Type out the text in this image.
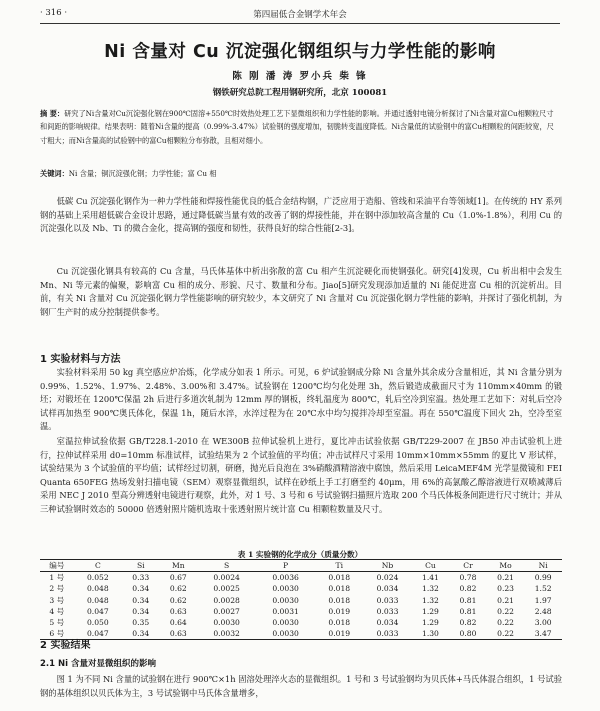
· 316 ·	第四届低合金钢学术年会
Ni 含量对 Cu 沉淀强化钢组织与力学性能的影响
陈 刚 潘 涛 罗小兵 柴 锋
钢铁研究总院工程用钢研究所，北京 100081
摘 要：研究了Ni含量对Cu沉淀强化钢在900℃固溶+550℃时效热处理工艺下显微组织和力学性能的影响。并通过透射电镜分析探讨了Ni含量对富Cu相颗粒尺寸和间距的影响规律。结果表明：随着Ni含量的提高（0.99%-3.47%）试验钢的强度增加，韧脆转变温度降低。Ni含量低的试验钢中的富Cu相颗粒的间距较宽，尺寸粗大；而Ni含量高的试验钢中的富Cu相颗粒分布弥散，且相对细小。
关键词：Ni 含量；铜沉淀强化钢；力学性能；富 Cu 相

低碳 Cu 沉淀强化钢作为一种力学性能和焊接性能优良的低合金结构钢，广泛应用于造船、管线和采油平台等领域[1]。在传统的 HY 系列钢的基础上采用超低碳合金设计思路，通过降低碳当量有效的改善了钢的焊接性能，并在钢中添加较高含量的 Cu（1.0%-1.8%），利用 Cu 的沉淀强化以及 Nb、Ti 的微合金化，提高钢的强度和韧性，获得良好的综合性能[2-3]。

Cu 沉淀强化钢具有较高的 Cu 含量，马氏体基体中析出弥散的富 Cu 相产生沉淀硬化而使钢强化。研究[4]发现，Cu 析出相中会发生 Mn、Ni 等元素的偏聚，影响富 Cu 相的成分、形貌、尺寸、数量和分布。Jiao[5]研究发现添加适量的 Ni 能促进富 Cu 相的沉淀析出。目前，有关 Ni 含量对 Cu 沉淀强化钢力学性能影响的研究较少，本文研究了 Ni 含量对 Cu 沉淀强化钢力学性能的影响，并探讨了强化机制，为钢厂生产时的成分控制提供参考。

1 实验材料与方法

实验材料采用 50 kg 真空感应炉冶炼，化学成分如表 1 所示。可见，6 炉试验钢成分除 Ni 含量外其余成分含量相近，其 Ni 含量分别为 0.99%、1.52%、1.97%、2.48%、3.00%和 3.47%。试验钢在 1200℃均匀化处理 3h，然后锻造成截面尺寸为 110mm×40mm 的锻坯；对锻坯在 1200℃保温 2h 后进行多道次轧制为 12mm 厚的钢板，终轧温度为 800℃，轧后空冷到室温。热处理工艺如下：对轧后空冷试样再加热至 900℃奥氏体化，保温 1h，随后水淬，水淬过程为在 20℃水中均匀搅拌冷却至室温。再在 550℃温度下回火 2h，空冷至室温。

室温拉伸试验依据 GB/T228.1-2010 在 WE300B 拉伸试验机上进行，夏比冲击试验依据 GB/T229-2007 在 JB50 冲击试验机上进行，拉伸试样采用 d0=10mm 标准试样，试验结果为 2 个试验值的平均值；冲击试样尺寸采用 10mm×10mm×55mm 的夏比 V 形试样，试验结果为 3 个试验值的平均值；试样经过切割，研磨，抛光后良泡在 3%硝酸酒精溶液中腐蚀，然后采用 LeicaMEF4M 光学显微镜和 FEI Quanta 650FEG 热场发射扫描电镜（SEM）观察显微组织，试样在砂纸上手工打磨至约 40μm，用 6%的高氯酸乙醇溶液进行双喷减薄后采用 NEC J 2010 型高分辨透射电镜进行观察，此外，对 1 号、3 号和 6 号试验钢扫描照片选取 200 个马氏体板条间距进行尺寸统计；并从三种试验钢时效态的 50000 倍透射照片随机选取十张透射照片统计富 Cu 相颗粒数量及尺寸。

表 1 实验钢的化学成分（质量分数）
编号	C	Si	Mn	S	P	Ti	Nb	Cu	Cr	Mo	Ni
1 号	0.052	0.33	0.67	0.0024	0.0036	0.018	0.024	1.41	0.78	0.21	0.99
2 号	0.048	0.34	0.62	0.0025	0.0030	0.018	0.034	1.32	0.82	0.23	1.52
3 号	0.048	0.34	0.62	0.0028	0.0030	0.018	0.033	1.32	0.81	0.21	1.97
4 号	0.047	0.34	0.63	0.0027	0.0031	0.019	0.033	1.29	0.81	0.22	2.48
5 号	0.050	0.35	0.64	0.0030	0.0030	0.018	0.034	1.29	0.82	0.22	3.00
6 号	0.047	0.34	0.63	0.0032	0.0030	0.019	0.033	1.30	0.80	0.22	3.47
2 实验结果
2.1 Ni 含量对显微组织的影响

图 1 为不同 Ni 含量的试验钢在进行 900℃×1h 固溶处理淬火态的显微组织。1 号和 3 号试验钢均为贝氏体+马氏体混合组织，1 号试验钢的基体组织以贝氏体为主，3 号试验钢中马氏体含量增多，
